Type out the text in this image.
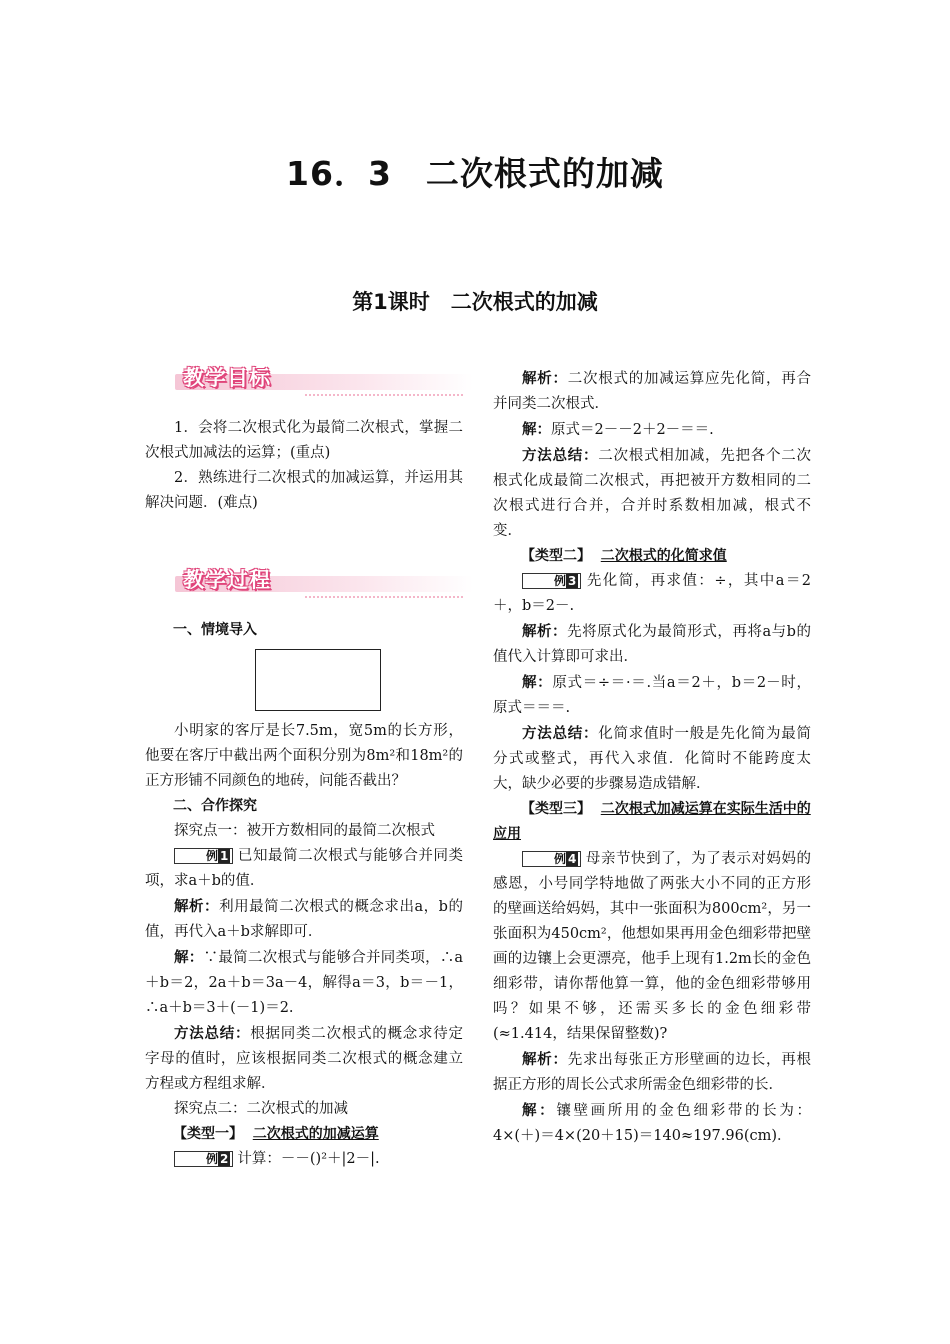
16．3　二次根式的加减
第1课时　二次根式的加减
教学目标

1．会将二次根式化为最简二次根式，掌握二次根式加减法的运算；(重点)

2．熟练进行二次根式的加减运算，并运用其解决问题．(难点)

教学过程
一、情境导入

小明家的客厅是长7.5m，宽5m的长方形，他要在客厅中截出两个面积分别为8m²和18m²的正方形铺不同颜色的地砖，问能否截出？

二、合作探究

探究点一：被开方数相同的最简二次根式

例 1 已知最简二次根式与能够合并同类项，求a＋b的值．

解析：利用最简二次根式的概念求出a，b的值，再代入a＋b求解即可．

解：∵最简二次根式与能够合并同类项，∴a＋b＝2，2a＋b＝3a－4，解得a＝3，b＝－1，∴a＋b＝3＋(－1)＝2.

方法总结：根据同类二次根式的概念求待定字母的值时，应该根据同类二次根式的概念建立方程或方程组求解．

探究点二：二次根式的加减

【类型一】 二次根式的加减运算

例 2 计算：－－()²＋|2－|.

解析：二次根式的加减运算应先化简，再合并同类二次根式．

解：原式＝2－－2＋2－＝＝.

方法总结：二次根式相加减，先把各个二次根式化成最简二次根式，再把被开方数相同的二次根式进行合并，合并时系数相加减，根式不变．

【类型二】 二次根式的化简求值

例 3 先化简，再求值：÷，其中a＝2＋，b＝2－.

解析：先将原式化为最简形式，再将a与b的值代入计算即可求出．

解：原式＝÷＝·＝.当a＝2＋，b＝2－时，原式＝＝＝.

方法总结：化简求值时一般是先化简为最简分式或整式，再代入求值．化简时不能跨度太大，缺少必要的步骤易造成错解．

【类型三】 二次根式加减运算在实际生活中的应用

例 4 母亲节快到了，为了表示对妈妈的感恩，小号同学特地做了两张大小不同的正方形的壁画送给妈妈，其中一张面积为800cm²，另一张面积为450cm²，他想如果再用金色细彩带把壁画的边镶上会更漂亮，他手上现有1.2m长的金色细彩带，请你帮他算一算，他的金色细彩带够用吗？如果不够，还需买多长的金色细彩带(≈1.414，结果保留整数)?

解析：先求出每张正方形壁画的边长，再根据正方形的周长公式求所需金色细彩带的长．

解：镶壁画所用的金色细彩带的长为：4×(＋)＝4×(20＋15)＝140≈197.96(cm)．
